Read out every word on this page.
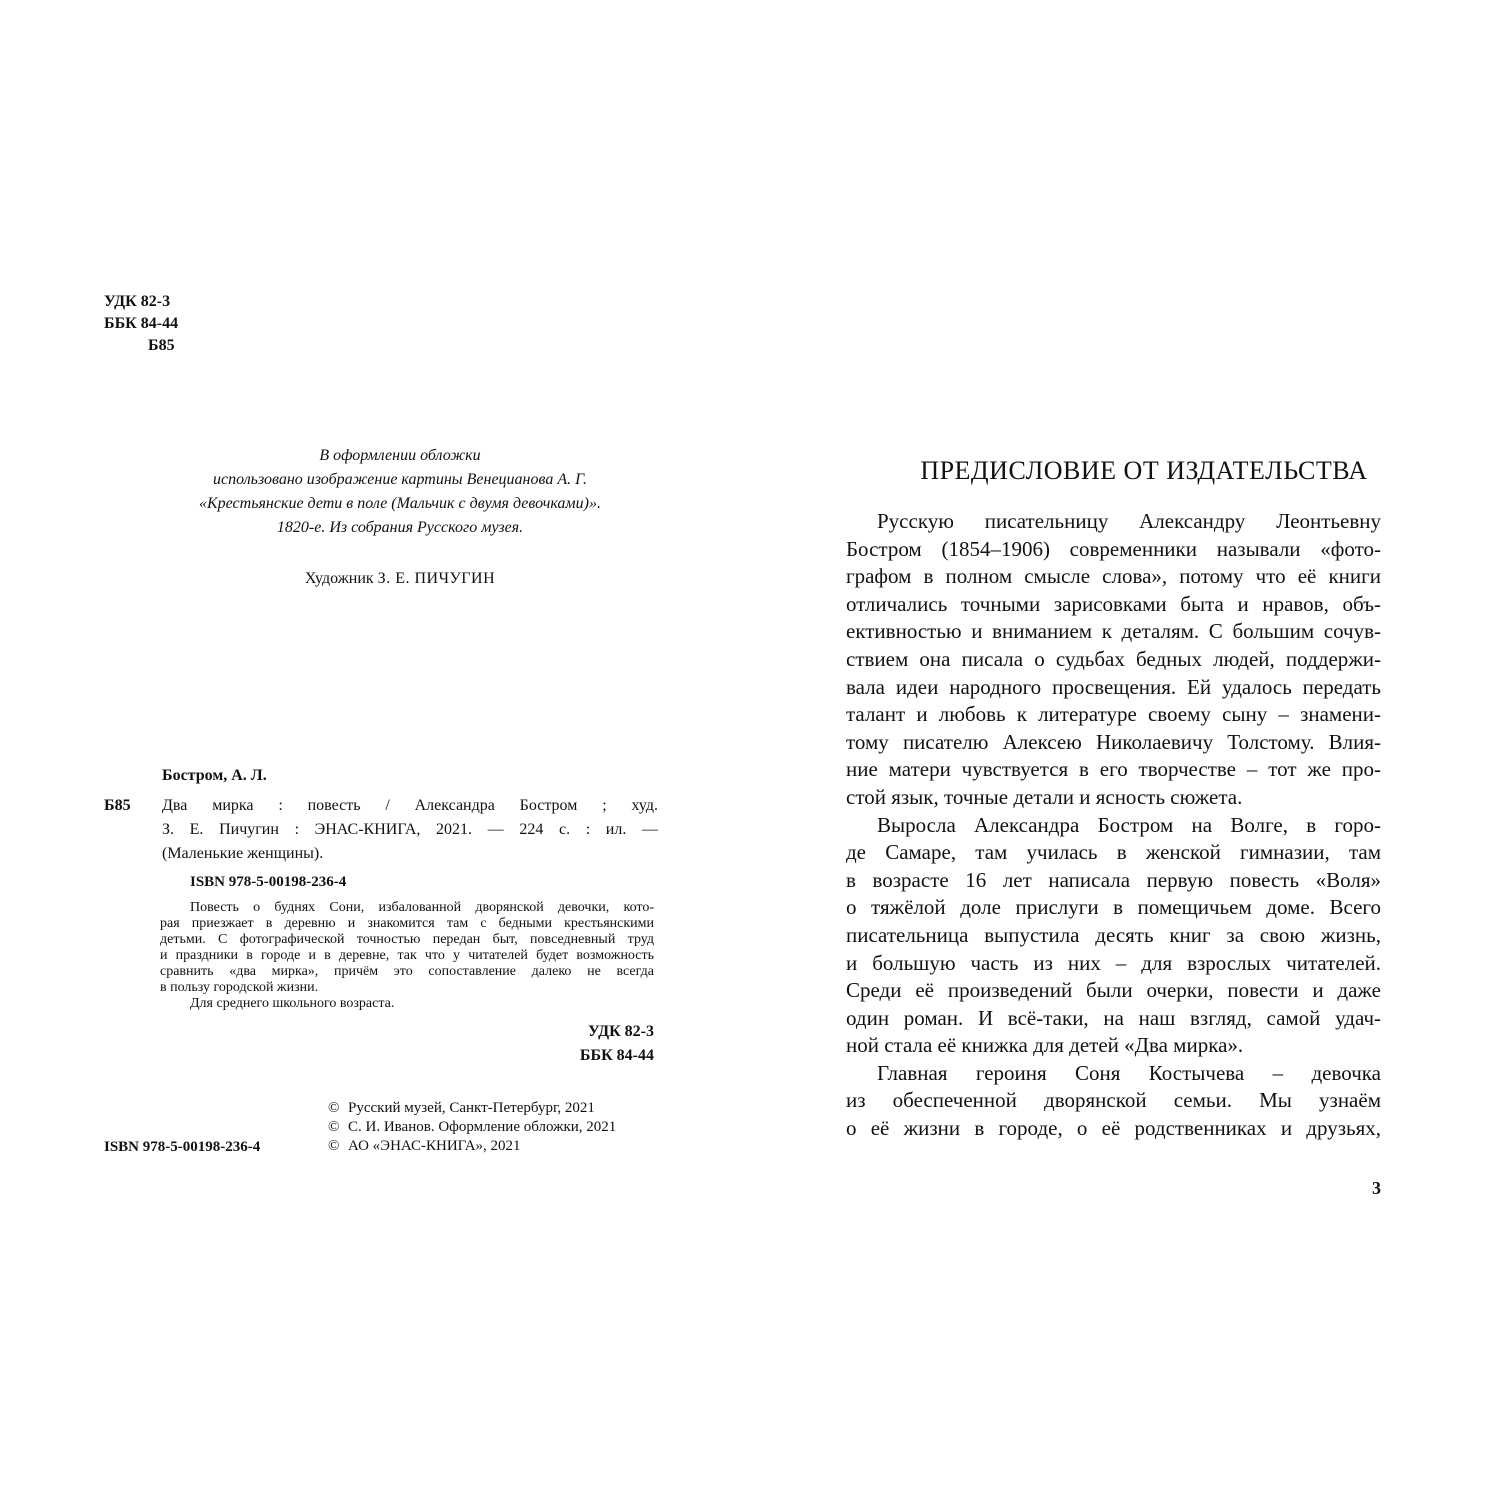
УДК 82-3
ББК 84-44
Б85
В оформлении обложки
использовано изображение картины Венецианова А. Г.
«Крестьянские дети в поле (Мальчик с двумя девочками)».
1820-е. Из собрания Русского музея.
Художник З. Е. ПИЧУГИН
Бостром, А. Л.
Б85 Два мирка : повесть / Александра Бостром ; худ.
З. Е. Пичугин : ЭНАС-КНИГА, 2021. — 224 с. : ил. —
(Маленькие женщины).
ISBN 978-5-00198-236-4
Повесть о буднях Сони, избалованной дворянской девочки, кото-
рая приезжает в деревню и знакомится там с бедными крестьянскими
детьми. С фотографической точностью передан быт, повседневный труд
и праздники в городе и в деревне, так что у читателей будет возможность
сравнить «два мирка», причём это сопоставление далеко не всегда
в пользу городской жизни.
Для среднего школьного возраста.
УДК 82-3
ББК 84-44
© Русский музей, Санкт-Петербург, 2021
© С. И. Иванов. Оформление обложки, 2021
© АО «ЭНАС-КНИГА», 2021
ISBN 978-5-00198-236-4
ПРЕДИСЛОВИЕ ОТ ИЗДАТЕЛЬСТВА
Русскую писательницу Александру Леонтьевну
Бостром (1854–1906) современники называли «фото-
графом в полном смысле слова», потому что её книги
отличались точными зарисовками быта и нравов, объ-
ективностью и вниманием к деталям. С большим сочув-
ствием она писала о судьбах бедных людей, поддержи-
вала идеи народного просвещения. Ей удалось передать
талант и любовь к литературе своему сыну – знамени-
тому писателю Алексею Николаевичу Толстому. Влия-
ние матери чувствуется в его творчестве – тот же про-
стой язык, точные детали и ясность сюжета.
Выросла Александра Бостром на Волге, в горо-
де Самаре, там училась в женской гимназии, там
в возрасте 16 лет написала первую повесть «Воля»
о тяжёлой доле прислуги в помещичьем доме. Всего
писательница выпустила десять книг за свою жизнь,
и большую часть из них – для взрослых читателей.
Среди её произведений были очерки, повести и даже
один роман. И всё-таки, на наш взгляд, самой удач-
ной стала её книжка для детей «Два мирка».
Главная героиня Соня Костычева – девочка
из обеспеченной дворянской семьи. Мы узнаём
о её жизни в городе, о её родственниках и друзьях,
3
